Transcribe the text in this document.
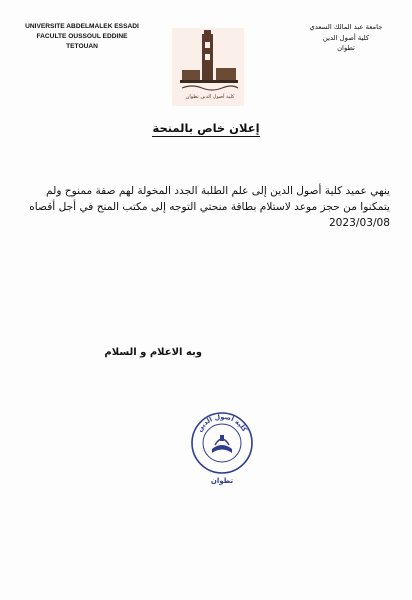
UNIVERSITE ABDELMALEK ESSADI
FACULTE OUSSOUL EDDINE
TETOUAN
كلية أصول الدين تطوان
جامعة عبد المالك السعدي
كلية أصول الدين
تطوان
إعلان خاص بالمنحة
ينهي عميد كلية أصول الدين إلى علم الطلبة الجدد المخولة لهم صفة ممنوح ولم يتمكنوا من حجز موعد لاستلام بطاقة منحتي التوجه إلى مكتب المنح في أجل أقصاه 2023/03/08
وبه الاعلام و السلام
كلية أصول الدين
تطوان
